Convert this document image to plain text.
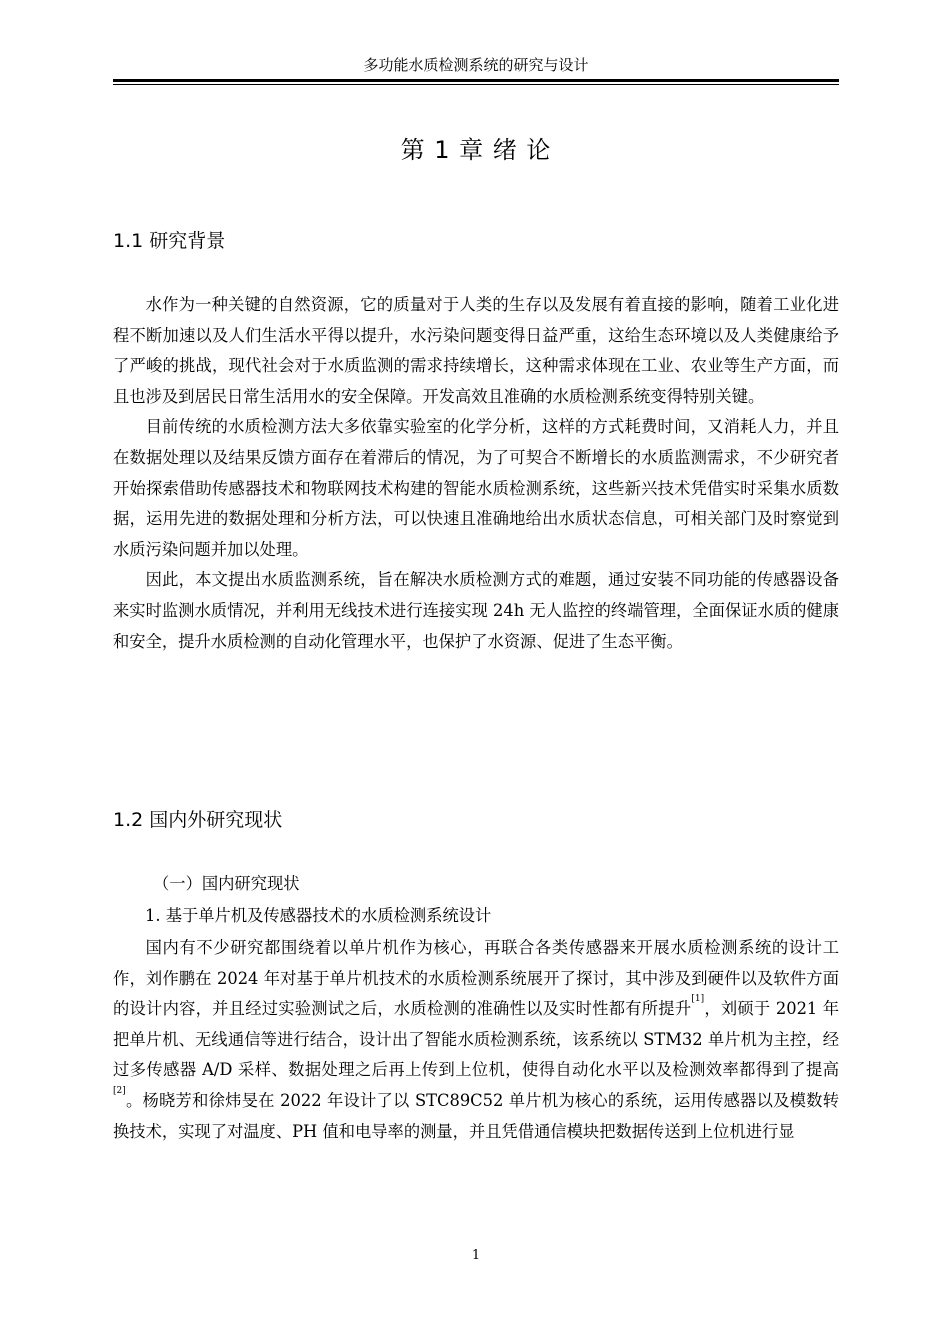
多功能水质检测系统的研究与设计
第 1 章 绪 论
1.1 研究背景

水作为一种关键的自然资源，它的质量对于人类的生存以及发展有着直接的影响，随着工业化进程不断加速以及人们生活水平得以提升，水污染问题变得日益严重，这给生态环境以及人类健康给予了严峻的挑战，现代社会对于水质监测的需求持续增长，这种需求体现在工业、农业等生产方面，而且也涉及到居民日常生活用水的安全保障。开发高效且准确的水质检测系统变得特别关键。

目前传统的水质检测方法大多依靠实验室的化学分析，这样的方式耗费时间，又消耗人力，并且在数据处理以及结果反馈方面存在着滞后的情况，为了可契合不断增长的水质监测需求，不少研究者开始探索借助传感器技术和物联网技术构建的智能水质检测系统，这些新兴技术凭借实时采集水质数据，运用先进的数据处理和分析方法，可以快速且准确地给出水质状态信息，可相关部门及时察觉到水质污染问题并加以处理。

因此，本文提出水质监测系统，旨在解决水质检测方式的难题，通过安装不同功能的传感器设备来实时监测水质情况，并利用无线技术进行连接实现 24h 无人监控的终端管理，全面保证水质的健康和安全，提升水质检测的自动化管理水平，也保护了水资源、促进了生态平衡。

1.2 国内外研究现状
（一）国内研究现状
1. 基于单片机及传感器技术的水质检测系统设计

国内有不少研究都围绕着以单片机作为核心，再联合各类传感器来开展水质检测系统的设计工作，刘作鹏在 2024 年对基于单片机技术的水质检测系统展开了探讨，其中涉及到硬件以及软件方面的设计内容，并且经过实验测试之后，水质检测的准确性以及实时性都有所提升[1]，刘硕于 2021 年把单片机、无线通信等进行结合，设计出了智能水质检测系统，该系统以 STM32 单片机为主控，经过多传感器 A/D 采样、数据处理之后再上传到上位机，使得自动化水平以及检测效率都得到了提高[2]。杨晓芳和徐炜旻在 2022 年设计了以 STC89C52 单片机为核心的系统，运用传感器以及模数转换技术，实现了对温度、PH 值和电导率的测量，并且凭借通信模块把数据传送到上位机进行显

1
